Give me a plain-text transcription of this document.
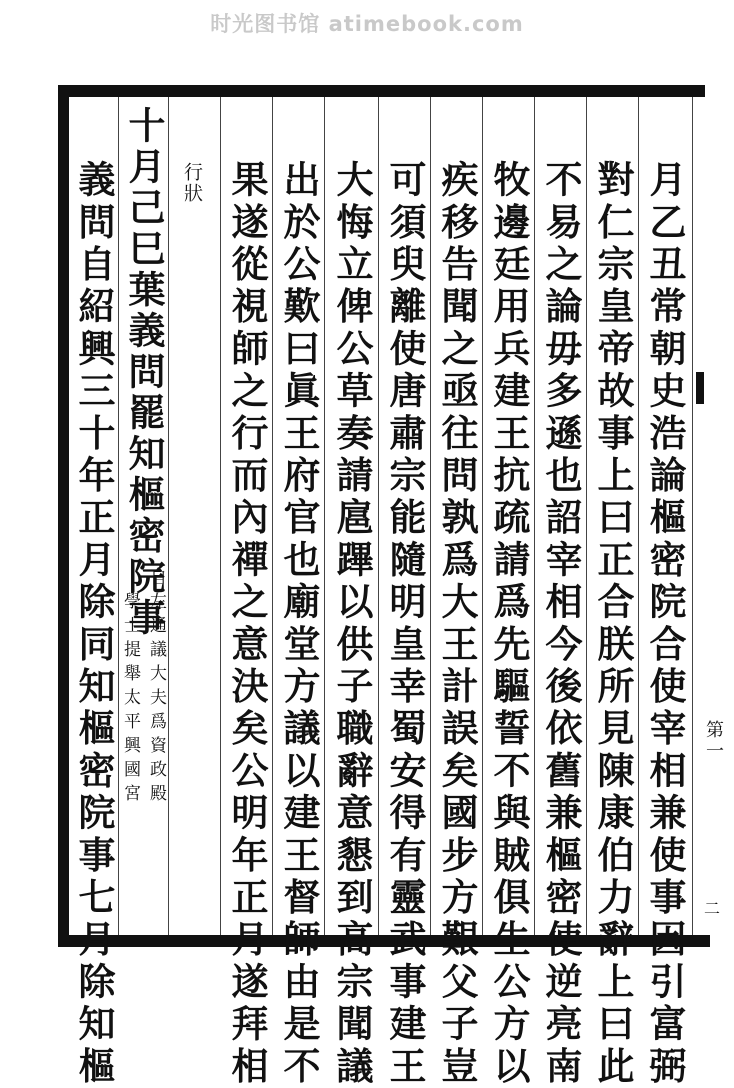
时光图书馆 atimebook.com
月乙丑常朝史浩論樞密院合使宰相兼使事因引富弼
對仁宗皇帝故事上曰正合朕所見陳康伯力辭上曰此
不易之論毋多遜也詔宰相今後依舊兼樞密使逆亮南
牧邊廷用兵建王抗疏請爲先驅誓不與賊俱生公方以
疾移告聞之亟往問孰爲大王計誤矣國步方艱父子豈
可須臾離使唐肅宗能隨明皇幸蜀安得有靈武事建王
大悔立俾公草奏請扈蹕以供子職辭意懇到高宗聞議
出於公歎曰眞王府官也廟堂方議以建王督師由是不
果遂從視師之行而內禪之意決矣公明年正月遂拜相
行狀
十月己巳葉義問罷知樞密院事
自左通議大夫爲資政殿
學士提舉太平興國宮
義問自紹興三十年正月除同知樞密院事七月除知樞	第一
二
